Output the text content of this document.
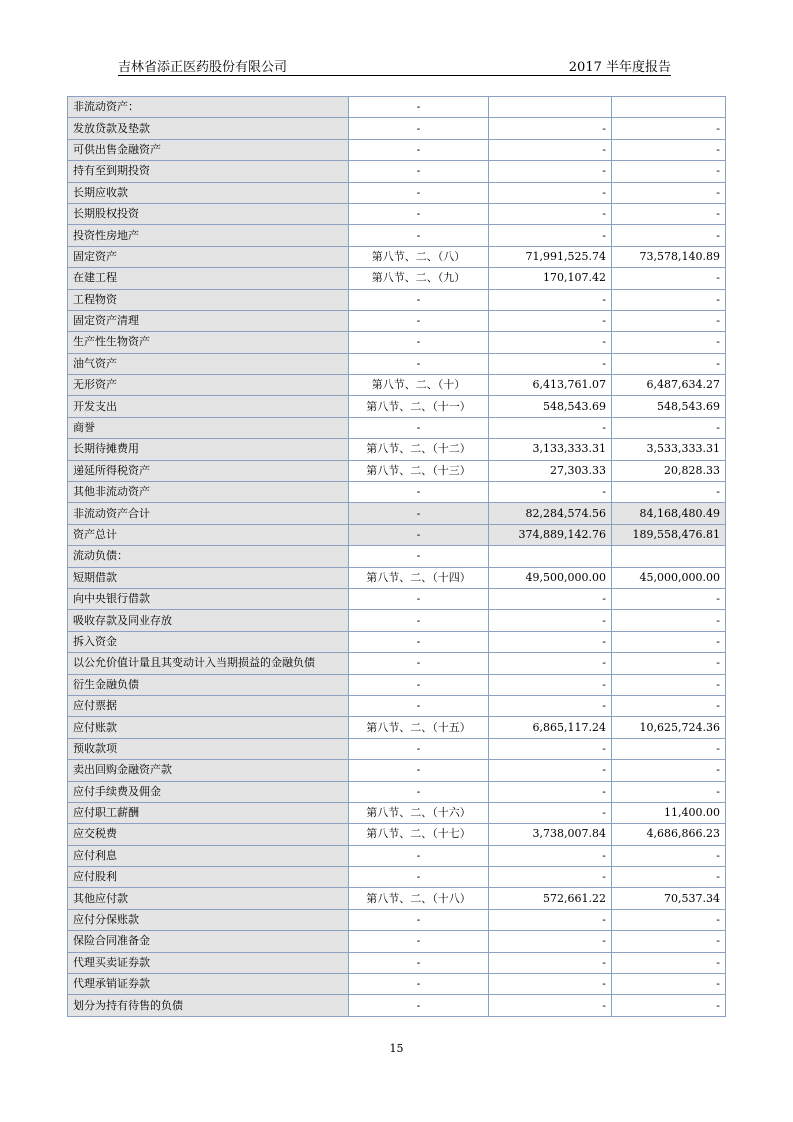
吉林省添正医药股份有限公司	2017 半年度报告
非流动资产：	-		
发放贷款及垫款	-	-	-
可供出售金融资产	-	-	-
持有至到期投资	-	-	-
长期应收款	-	-	-
长期股权投资	-	-	-
投资性房地产	-	-	-
固定资产	第八节、二、（八）	71,991,525.74	73,578,140.89
在建工程	第八节、二、（九）	170,107.42	-
工程物资	-	-	-
固定资产清理	-	-	-
生产性生物资产	-	-	-
油气资产	-	-	-
无形资产	第八节、二、（十）	6,413,761.07	6,487,634.27
开发支出	第八节、二、（十一）	548,543.69	548,543.69
商誉	-	-	-
长期待摊费用	第八节、二、（十二）	3,133,333.31	3,533,333.31
递延所得税资产	第八节、二、（十三）	27,303.33	20,828.33
其他非流动资产	-	-	-
非流动资产合计	-	82,284,574.56	84,168,480.49
资产总计	-	374,889,142.76	189,558,476.81
流动负债：	-		
短期借款	第八节、二、（十四）	49,500,000.00	45,000,000.00
向中央银行借款	-	-	-
吸收存款及同业存放	-	-	-
拆入资金	-	-	-
以公允价值计量且其变动计入当期损益的金融负债	-	-	-
衍生金融负债	-	-	-
应付票据	-	-	-
应付账款	第八节、二、（十五）	6,865,117.24	10,625,724.36
预收款项	-	-	-
卖出回购金融资产款	-	-	-
应付手续费及佣金	-	-	-
应付职工薪酬	第八节、二、（十六）	-	11,400.00
应交税费	第八节、二、（十七）	3,738,007.84	4,686,866.23
应付利息	-	-	-
应付股利	-	-	-
其他应付款	第八节、二、（十八）	572,661.22	70,537.34
应付分保账款	-	-	-
保险合同准备金	-	-	-
代理买卖证券款	-	-	-
代理承销证券款	-	-	-
划分为持有待售的负债	-	-	-
15
